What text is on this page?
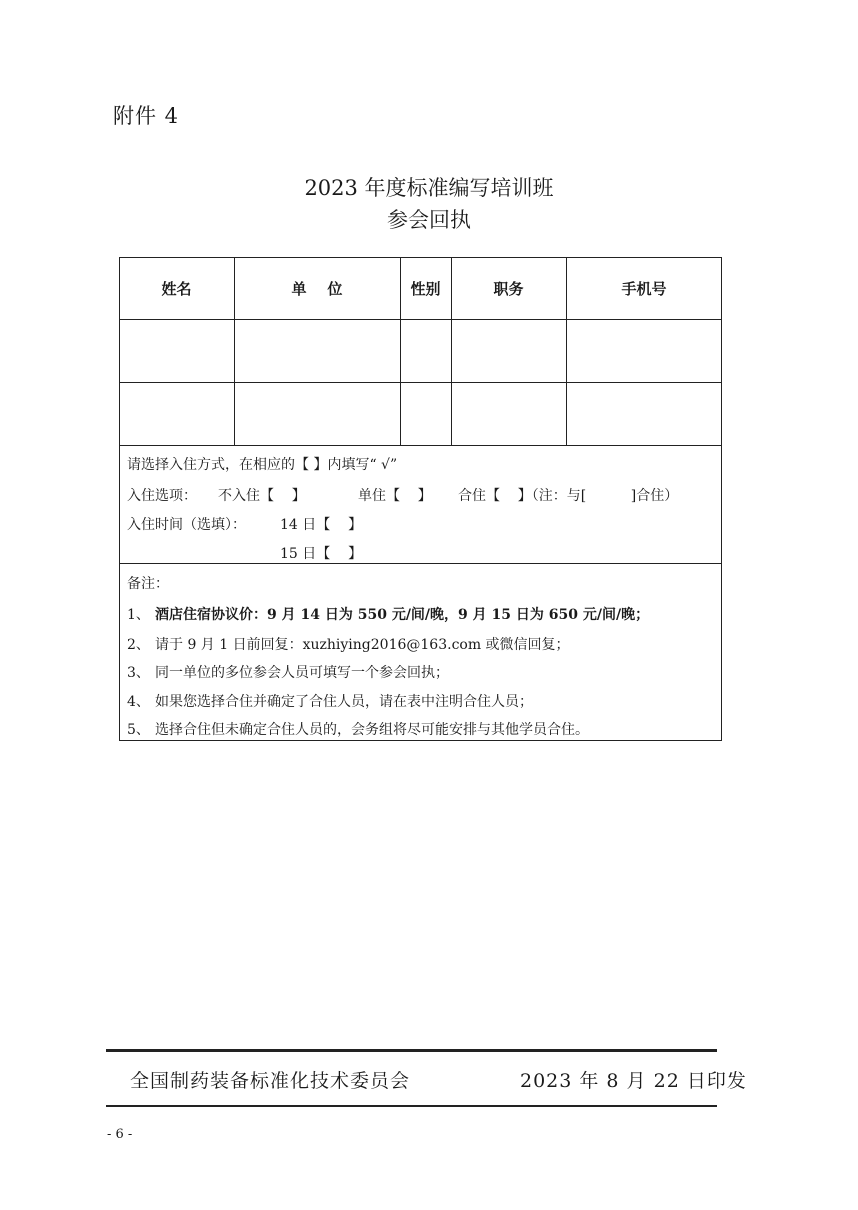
附件 4
2023 年度标准编写培训班
参会回执
姓名	单    位	性别	职务	手机号
请选择入住方式，在相应的【 】内填写“ √”
入住选项： 不入住【    】	单住【    】 合住【    】（注：与[          ]合住）
入住时间（选填）： 14 日【    】
15 日【    】
备注：
1、 酒店住宿协议价：9 月 14 日为 550 元/间/晚，9 月 15 日为 650 元/间/晚；
2、 请于 9 月 1 日前回复：xuzhiying2016@163.com 或微信回复；
3、 同一单位的多位参会人员可填写一个参会回执；
4、 如果您选择合住并确定了合住人员，请在表中注明合住人员；
5、 选择合住但未确定合住人员的，会务组将尽可能安排与其他学员合住。
全国制药装备标准化技术委员会	2023 年 8 月 22 日印发
- 6 -
